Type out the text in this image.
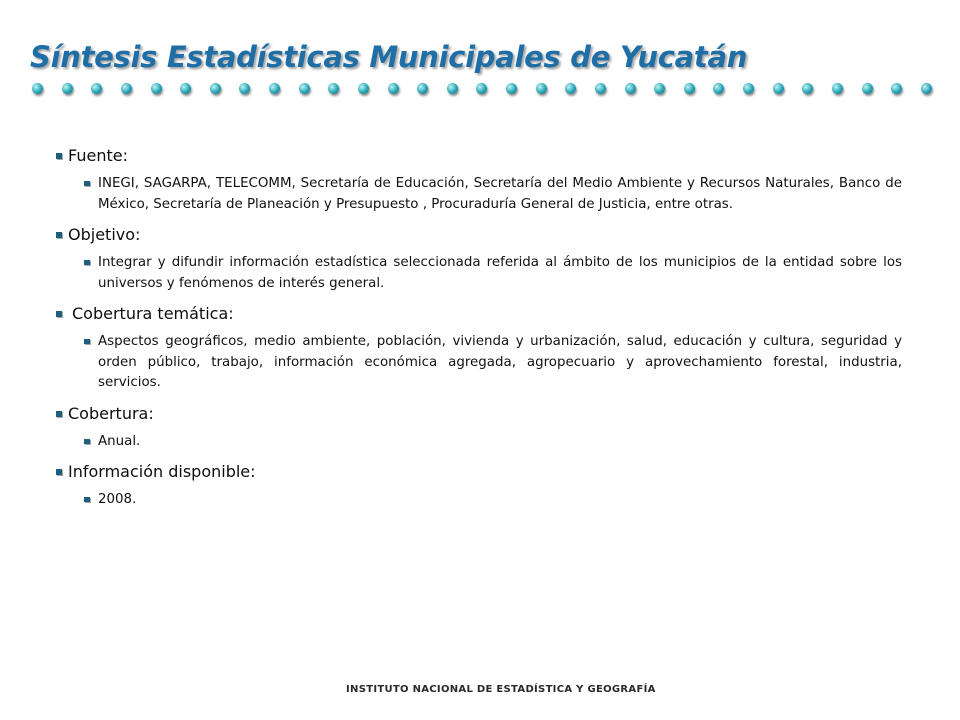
Síntesis Estadísticas Municipales de Yucatán
Fuente:
INEGI, SAGARPA, TELECOMM, Secretaría de Educación, Secretaría del Medio Ambiente y Recursos Naturales, Banco de México, Secretaría de Planeación y Presupuesto , Procuraduría General de Justicia, entre otras.
Objetivo:
Integrar y difundir información estadística seleccionada referida al ámbito de los municipios de la entidad sobre los universos y fenómenos de interés general.
Cobertura temática:
Aspectos geográficos, medio ambiente, población, vivienda y urbanización, salud, educación y cultura, seguridad y orden público, trabajo, información económica agregada, agropecuario y aprovechamiento forestal, industria, servicios.
Cobertura:
Anual.
Información disponible:
2008.
INSTITUTO NACIONAL DE ESTADÍSTICA Y GEOGRAFÍA
